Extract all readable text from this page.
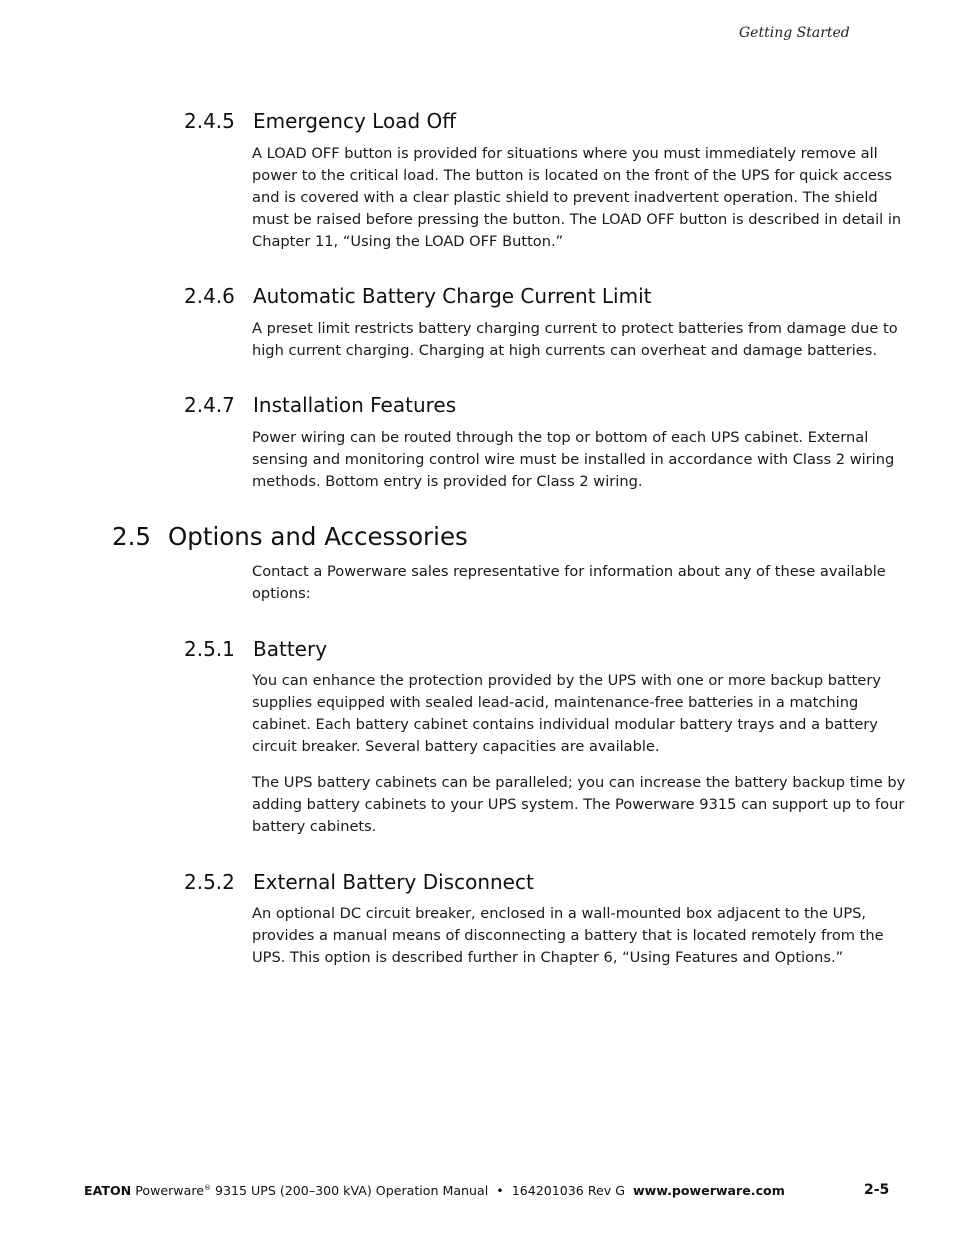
Getting Started
2.4.5 Emergency Load Off

A LOAD OFF button is provided for situations where you must immediately remove all power to the critical load. The button is located on the front of the UPS for quick access and is covered with a clear plastic shield to prevent inadvertent operation. The shield must be raised before pressing the button. The LOAD OFF button is described in detail in Chapter 11, “Using the LOAD OFF Button.”

2.4.6 Automatic Battery Charge Current Limit

A preset limit restricts battery charging current to protect batteries from damage due to high current charging. Charging at high currents can overheat and damage batteries.

2.4.7 Installation Features

Power wiring can be routed through the top or bottom of each UPS cabinet. External sensing and monitoring control wire must be installed in accordance with Class 2 wiring methods. Bottom entry is provided for Class 2 wiring.

2.5 Options and Accessories

Contact a Powerware sales representative for information about any of these available options:

2.5.1 Battery

You can enhance the protection provided by the UPS with one or more backup battery supplies equipped with sealed lead-acid, maintenance-free batteries in a matching cabinet. Each battery cabinet contains individual modular battery trays and a battery circuit breaker. Several battery capacities are available.

The UPS battery cabinets can be paralleled; you can increase the battery backup time by adding battery cabinets to your UPS system. The Powerware 9315 can support up to four battery cabinets.

2.5.2 External Battery Disconnect

An optional DC circuit breaker, enclosed in a wall-mounted box adjacent to the UPS, provides a manual means of disconnecting a battery that is located remotely from the UPS. This option is described further in Chapter 6, “Using Features and Options.”

EATON Powerware® 9315 UPS (200–300 kVA) Operation Manual • 164201036 Rev G www.powerware.com	2-5
